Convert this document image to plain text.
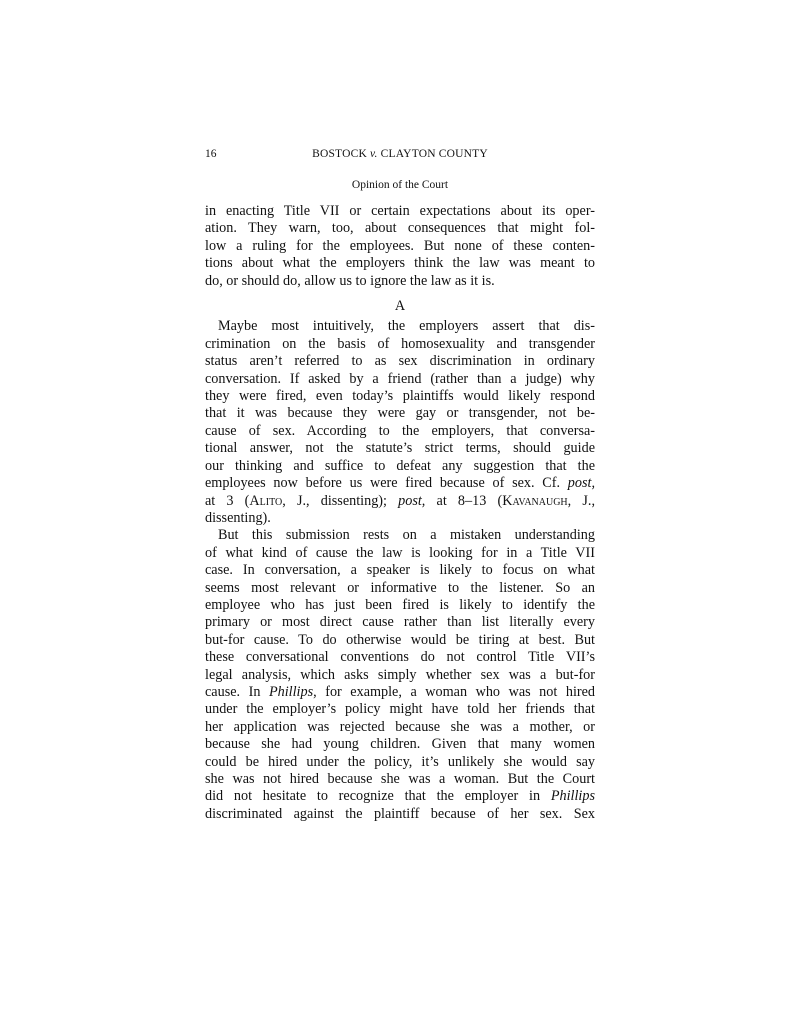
16	BOSTOCK v. CLAYTON COUNTY
Opinion of the Court

in enacting Title VII or certain expectations about its oper-
ation. They warn, too, about consequences that might fol-
low a ruling for the employees. But none of these conten-
tions about what the employers think the law was meant to
do, or should do, allow us to ignore the law as it is.

A

Maybe most intuitively, the employers assert that dis-
crimination on the basis of homosexuality and transgender
status aren’t referred to as sex discrimination in ordinary
conversation. If asked by a friend (rather than a judge) why
they were fired, even today’s plaintiffs would likely respond
that it was because they were gay or transgender, not be-
cause of sex. According to the employers, that conversa-
tional answer, not the statute’s strict terms, should guide
our thinking and suffice to defeat any suggestion that the
employees now before us were fired because of sex. Cf. post,
at 3 (Alito, J., dissenting); post, at 8–13 (Kavanaugh, J.,
dissenting).

But this submission rests on a mistaken understanding
of what kind of cause the law is looking for in a Title VII
case. In conversation, a speaker is likely to focus on what
seems most relevant or informative to the listener. So an
employee who has just been fired is likely to identify the
primary or most direct cause rather than list literally every
but-for cause. To do otherwise would be tiring at best. But
these conversational conventions do not control Title VII’s
legal analysis, which asks simply whether sex was a but-for
cause. In Phillips, for example, a woman who was not hired
under the employer’s policy might have told her friends that
her application was rejected because she was a mother, or
because she had young children. Given that many women
could be hired under the policy, it’s unlikely she would say
she was not hired because she was a woman. But the Court
did not hesitate to recognize that the employer in Phillips
discriminated against the plaintiff because of her sex. Sex
